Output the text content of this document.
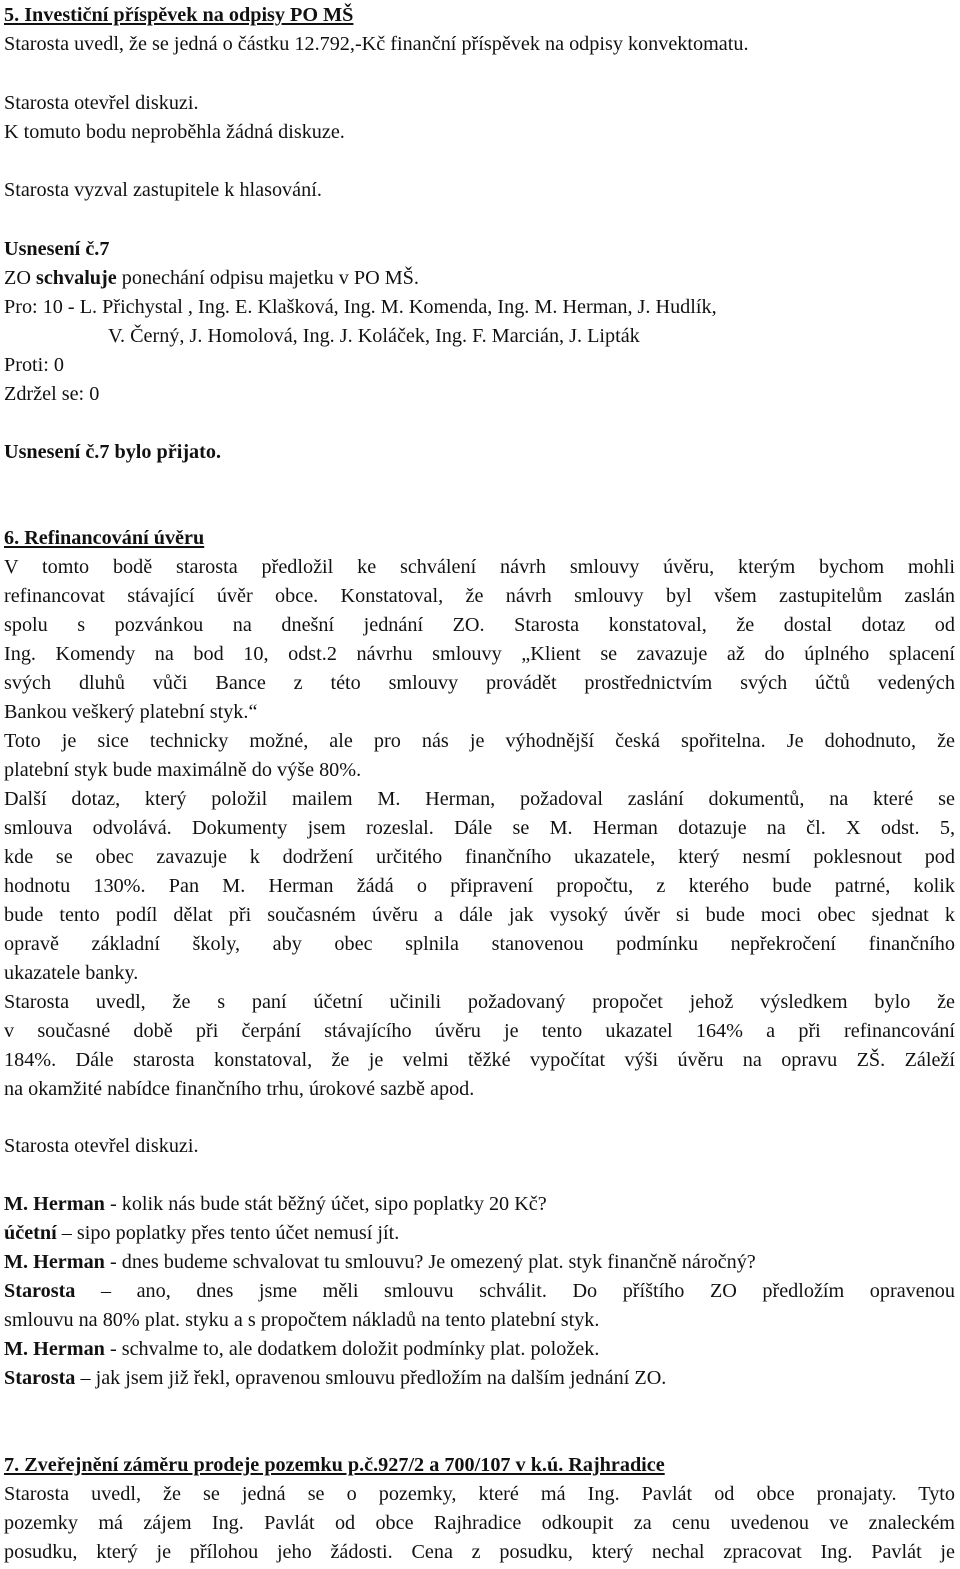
5. Investiční příspěvek na odpisy PO MŠ
Starosta uvedl, že se jedná o částku 12.792,-Kč finanční příspěvek na odpisy konvektomatu.
Starosta otevřel diskuzi.
K tomuto bodu neproběhla žádná diskuze.
Starosta vyzval zastupitele k hlasování.
Usnesení č.7
ZO schvaluje ponechání odpisu majetku v PO MŠ.
Pro: 10 - L. Přichystal , Ing. E. Klašková, Ing. M. Komenda, Ing. M. Herman, J. Hudlík,
V. Černý, J. Homolová, Ing. J. Koláček, Ing. F. Marcián, J. Lipták
Proti: 0
Zdržel se: 0
Usnesení č.7 bylo přijato.
6. Refinancování úvěru
V tomto bodě starosta předložil ke schválení návrh smlouvy úvěru, kterým bychom mohli
refinancovat stávající úvěr obce. Konstatoval, že návrh smlouvy byl všem zastupitelům zaslán
spolu s pozvánkou na dnešní jednání ZO. Starosta konstatoval, že dostal dotaz od
Ing. Komendy na bod 10, odst.2 návrhu smlouvy „Klient se zavazuje až do úplného splacení
svých dluhů vůči Bance z této smlouvy provádět prostřednictvím svých účtů vedených
Bankou veškerý platební styk.“
Toto je sice technicky možné, ale pro nás je výhodnější česká spořitelna. Je dohodnuto, že
platební styk bude maximálně do výše 80%.
Další dotaz, který položil mailem M. Herman, požadoval zaslání dokumentů, na které se
smlouva odvolává. Dokumenty jsem rozeslal. Dále se M. Herman dotazuje na čl. X odst. 5,
kde se obec zavazuje k dodržení určitého finančního ukazatele, který nesmí poklesnout pod
hodnotu 130%. Pan M. Herman žádá o připravení propočtu, z kterého bude patrné, kolik
bude tento podíl dělat při současném úvěru a dále jak vysoký úvěr si bude moci obec sjednat k
opravě základní školy, aby obec splnila stanovenou podmínku nepřekročení finančního
ukazatele banky.
Starosta uvedl, že s paní účetní učinili požadovaný propočet jehož výsledkem bylo že
v současné době při čerpání stávajícího úvěru je tento ukazatel 164% a při refinancování
184%. Dále starosta konstatoval, že je velmi těžké vypočítat výši úvěru na opravu ZŠ. Záleží
na okamžité nabídce finančního trhu, úrokové sazbě apod.
Starosta otevřel diskuzi.
M. Herman - kolik nás bude stát běžný účet, sipo poplatky 20 Kč?
účetní – sipo poplatky přes tento účet nemusí jít.
M. Herman - dnes budeme schvalovat tu smlouvu? Je omezený plat. styk finančně náročný?
Starosta – ano, dnes jsme měli smlouvu schválit. Do příštího ZO předložím opravenou
smlouvu na 80% plat. styku a s propočtem nákladů na tento platební styk.
M. Herman - schvalme to, ale dodatkem doložit podmínky plat. položek.
Starosta – jak jsem již řekl, opravenou smlouvu předložím na dalším jednání ZO.
7. Zveřejnění záměru prodeje pozemku p.č.927/2 a 700/107 v k.ú. Rajhradice
Starosta uvedl, že se jedná se o pozemky, které má Ing. Pavlát od obce pronajaty. Tyto
pozemky má zájem Ing. Pavlát od obce Rajhradice odkoupit za cenu uvedenou ve znaleckém
posudku, který je přílohou jeho žádosti. Cena z posudku, který nechal zpracovat Ing. Pavlát je
